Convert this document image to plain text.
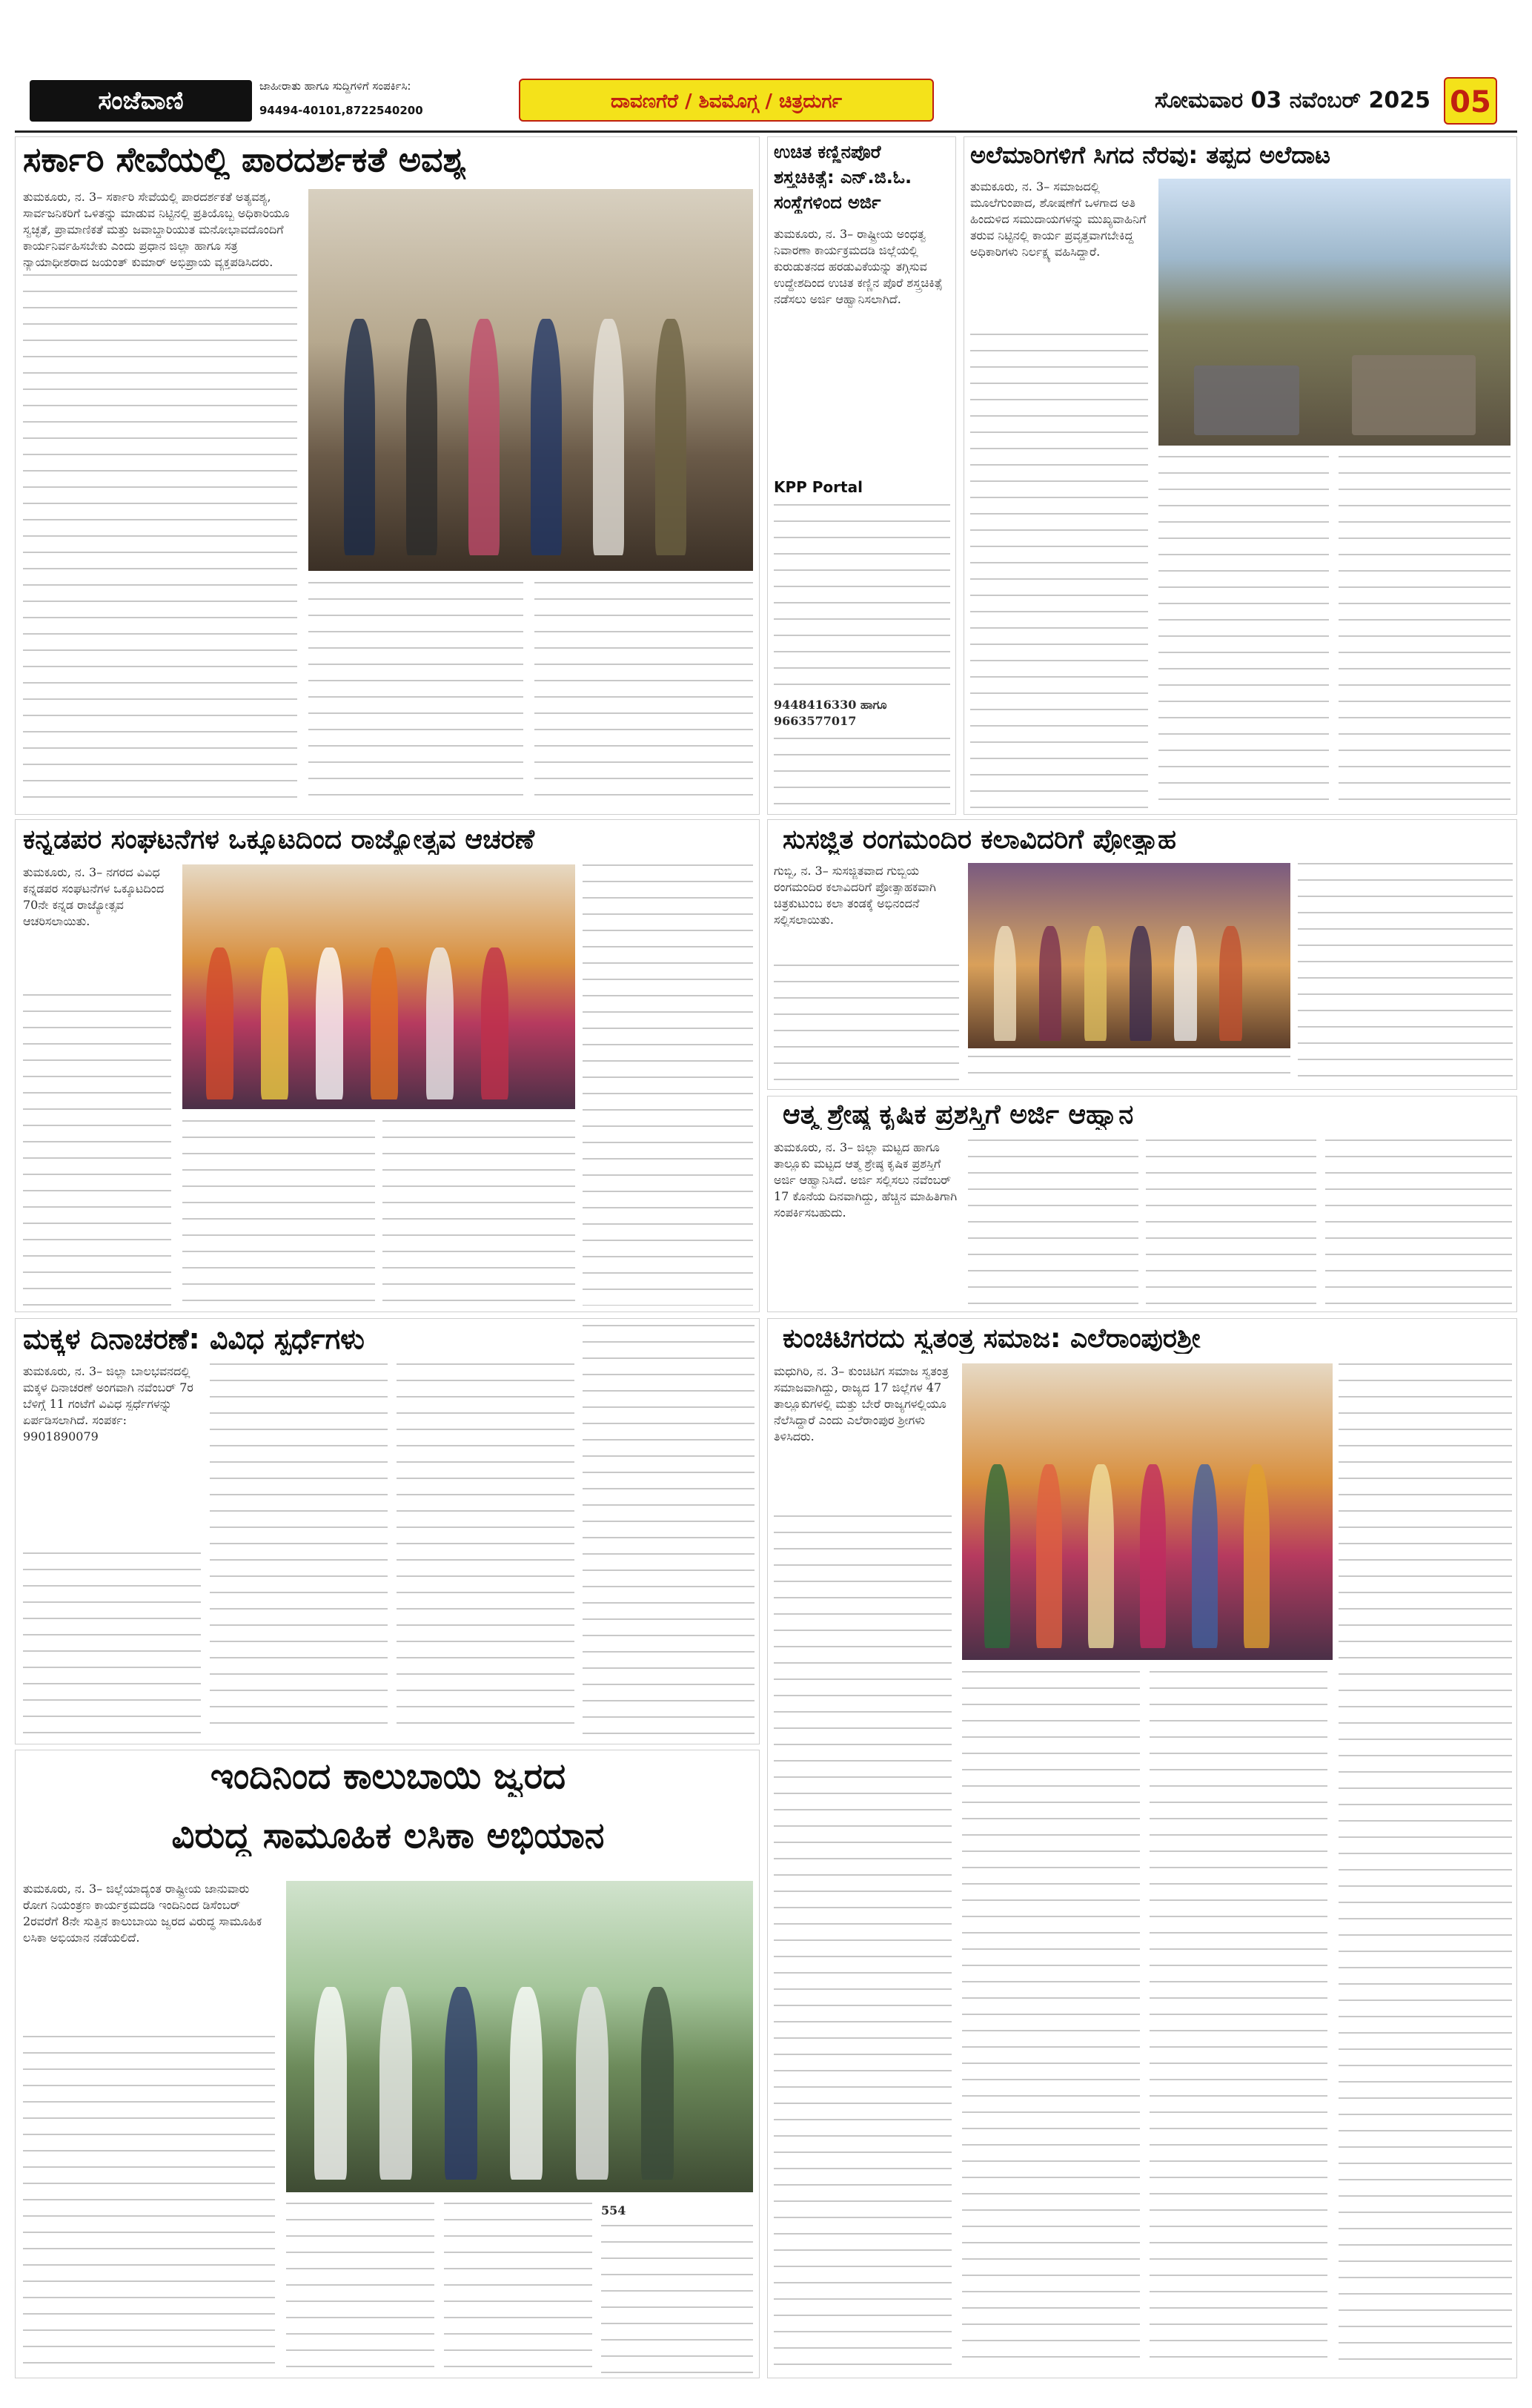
ಸಂಜೆವಾಣಿ	ಜಾಹೀರಾತು ಹಾಗೂ ಸುದ್ದಿಗಳಿಗೆ ಸಂಪರ್ಕಿಸಿ:
94494-40101,8722540200	ದಾವಣಗೆರೆ / ಶಿವಮೊಗ್ಗ / ಚಿತ್ರದುರ್ಗ	ಸೋಮವಾರ 03 ನವೆಂಬರ್ 2025 05
ಸರ್ಕಾರಿ ಸೇವೆಯಲ್ಲಿ ಪಾರದರ್ಶಕತೆ ಅವಶ್ಯ

ತುಮಕೂರು, ನ. 3– ಸರ್ಕಾರಿ ಸೇವೆಯಲ್ಲಿ ಪಾರದರ್ಶಕತೆ ಅತ್ಯವಶ್ಯ, ಸಾರ್ವಜನಿಕರಿಗೆ ಒಳಿತನ್ನು ಮಾಡುವ ನಿಟ್ಟಿನಲ್ಲಿ ಪ್ರತಿಯೊಬ್ಬ ಅಧಿಕಾರಿಯೂ ಸ್ವಚ್ಛತೆ, ಪ್ರಾಮಾಣಿಕತೆ ಮತ್ತು ಜವಾಬ್ದಾರಿಯುತ ಮನೋಭಾವದೊಂದಿಗೆ ಕಾರ್ಯನಿರ್ವಹಿಸಬೇಕು ಎಂದು ಪ್ರಧಾನ ಜಿಲ್ಲಾ ಹಾಗೂ ಸತ್ರ ನ್ಯಾಯಾಧೀಶರಾದ ಜಯಂತ್ ಕುಮಾರ್ ಅಭಿಪ್ರಾಯ ವ್ಯಕ್ತಪಡಿಸಿದರು.

ಉಚಿತ ಕಣ್ಣಿನಪೊರೆ
ಶಸ್ತ್ರಚಿಕಿತ್ಸೆ: ಎನ್.ಜಿ.ಓ.
ಸಂಸ್ಥೆಗಳಿಂದ ಅರ್ಜಿ

ತುಮಕೂರು, ನ. 3– ರಾಷ್ಟ್ರೀಯ ಅಂಧತ್ವ ನಿವಾರಣಾ ಕಾರ್ಯಕ್ರಮದಡಿ ಜಿಲ್ಲೆಯಲ್ಲಿ ಕುರುಡುತನದ ಹರಡುವಿಕೆಯನ್ನು ತಗ್ಗಿಸುವ ಉದ್ದೇಶದಿಂದ ಉಚಿತ ಕಣ್ಣಿನ ಪೊರೆ ಶಸ್ತ್ರಚಿಕಿತ್ಸೆ ನಡೆಸಲು ಅರ್ಜಿ ಆಹ್ವಾನಿಸಲಾಗಿದೆ.

KPP Portal

9448416330 ಹಾಗೂ 9663577017

ಅಲೆಮಾರಿಗಳಿಗೆ ಸಿಗದ ನೆರವು: ತಪ್ಪದ ಅಲೆದಾಟ

ತುಮಕೂರು, ನ. 3– ಸಮಾಜದಲ್ಲಿ ಮೂಲೆಗುಂಪಾದ, ಶೋಷಣೆಗೆ ಒಳಗಾದ ಅತಿ ಹಿಂದುಳಿದ ಸಮುದಾಯಗಳನ್ನು ಮುಖ್ಯವಾಹಿನಿಗೆ ತರುವ ನಿಟ್ಟಿನಲ್ಲಿ ಕಾರ್ಯ ಪ್ರವೃತ್ತವಾಗಬೇಕಿದ್ದ ಅಧಿಕಾರಿಗಳು ನಿರ್ಲಕ್ಷ್ಯ ವಹಿಸಿದ್ದಾರೆ.

ಕನ್ನಡಪರ ಸಂಘಟನೆಗಳ ಒಕ್ಕೂಟದಿಂದ ರಾಜ್ಯೋತ್ಸವ ಆಚರಣೆ

ತುಮಕೂರು, ನ. 3– ನಗರದ ವಿವಿಧ ಕನ್ನಡಪರ ಸಂಘಟನೆಗಳ ಒಕ್ಕೂಟದಿಂದ 70ನೇ ಕನ್ನಡ ರಾಜ್ಯೋತ್ಸವ ಆಚರಿಸಲಾಯಿತು.

ಸುಸಜ್ಜಿತ ರಂಗಮಂದಿರ ಕಲಾವಿದರಿಗೆ ಪ್ರೋತ್ಸಾಹ

ಗುಬ್ಬಿ, ನ. 3– ಸುಸಜ್ಜಿತವಾದ ಗುಬ್ಬಿಯ ರಂಗಮಂದಿರ ಕಲಾವಿದರಿಗೆ ಪ್ರೋತ್ಸಾಹಕವಾಗಿ ಚಿತ್ರಕುಟುಂಬ ಕಲಾ ತಂಡಕ್ಕೆ ಅಭಿನಂದನೆ ಸಲ್ಲಿಸಲಾಯಿತು.

ಆತ್ಮ ಶ್ರೇಷ್ಠ ಕೃಷಿಕ ಪ್ರಶಸ್ತಿಗೆ ಅರ್ಜಿ ಆಹ್ವಾನ

ತುಮಕೂರು, ನ. 3– ಜಿಲ್ಲಾ ಮಟ್ಟದ ಹಾಗೂ ತಾಲ್ಲೂಕು ಮಟ್ಟದ ಆತ್ಮ ಶ್ರೇಷ್ಠ ಕೃಷಿಕ ಪ್ರಶಸ್ತಿಗೆ ಅರ್ಜಿ ಆಹ್ವಾನಿಸಿದೆ. ಅರ್ಜಿ ಸಲ್ಲಿಸಲು ನವೆಂಬರ್ 17 ಕೊನೆಯ ದಿನವಾಗಿದ್ದು, ಹೆಚ್ಚಿನ ಮಾಹಿತಿಗಾಗಿ ಸಂಪರ್ಕಿಸಬಹುದು.

ಮಕ್ಕಳ ದಿನಾಚರಣೆ: ವಿವಿಧ ಸ್ಪರ್ಧೆಗಳು

ತುಮಕೂರು, ನ. 3– ಜಿಲ್ಲಾ ಬಾಲಭವನದಲ್ಲಿ ಮಕ್ಕಳ ದಿನಾಚರಣೆ ಅಂಗವಾಗಿ ನವೆಂಬರ್ 7ರ ಬೆಳಿಗ್ಗೆ 11 ಗಂಟೆಗೆ ವಿವಿಧ ಸ್ಪರ್ಧೆಗಳನ್ನು ಏರ್ಪಡಿಸಲಾಗಿದೆ. ಸಂಪರ್ಕ: 9901890079

ಕುಂಚಿಟಿಗರದು ಸ್ವತಂತ್ರ ಸಮಾಜ: ಎಲೆರಾಂಪುರಶ್ರೀ

ಮಧುಗಿರಿ, ನ. 3– ಕುಂಚಿಟಿಗ ಸಮಾಜ ಸ್ವತಂತ್ರ ಸಮಾಜವಾಗಿದ್ದು, ರಾಜ್ಯದ 17 ಜಿಲ್ಲೆಗಳ 47 ತಾಲ್ಲೂಕುಗಳಲ್ಲಿ ಮತ್ತು ಬೇರೆ ರಾಜ್ಯಗಳಲ್ಲಿಯೂ ನೆಲೆಸಿದ್ದಾರೆ ಎಂದು ಎಲೆರಾಂಪುರ ಶ್ರೀಗಳು ತಿಳಿಸಿದರು.

ಇಂದಿನಿಂದ ಕಾಲುಬಾಯಿ ಜ್ವರದ
ವಿರುದ್ಧ ಸಾಮೂಹಿಕ ಲಸಿಕಾ ಅಭಿಯಾನ

ತುಮಕೂರು, ನ. 3– ಜಿಲ್ಲೆಯಾದ್ಯಂತ ರಾಷ್ಟ್ರೀಯ ಜಾನುವಾರು ರೋಗ ನಿಯಂತ್ರಣ ಕಾರ್ಯಕ್ರಮದಡಿ ಇಂದಿನಿಂದ ಡಿಸೆಂಬರ್ 2ರವರೆಗೆ 8ನೇ ಸುತ್ತಿನ ಕಾಲುಬಾಯಿ ಜ್ವರದ ವಿರುದ್ಧ ಸಾಮೂಹಿಕ ಲಸಿಕಾ ಅಭಿಯಾನ ನಡೆಯಲಿದೆ.

554
